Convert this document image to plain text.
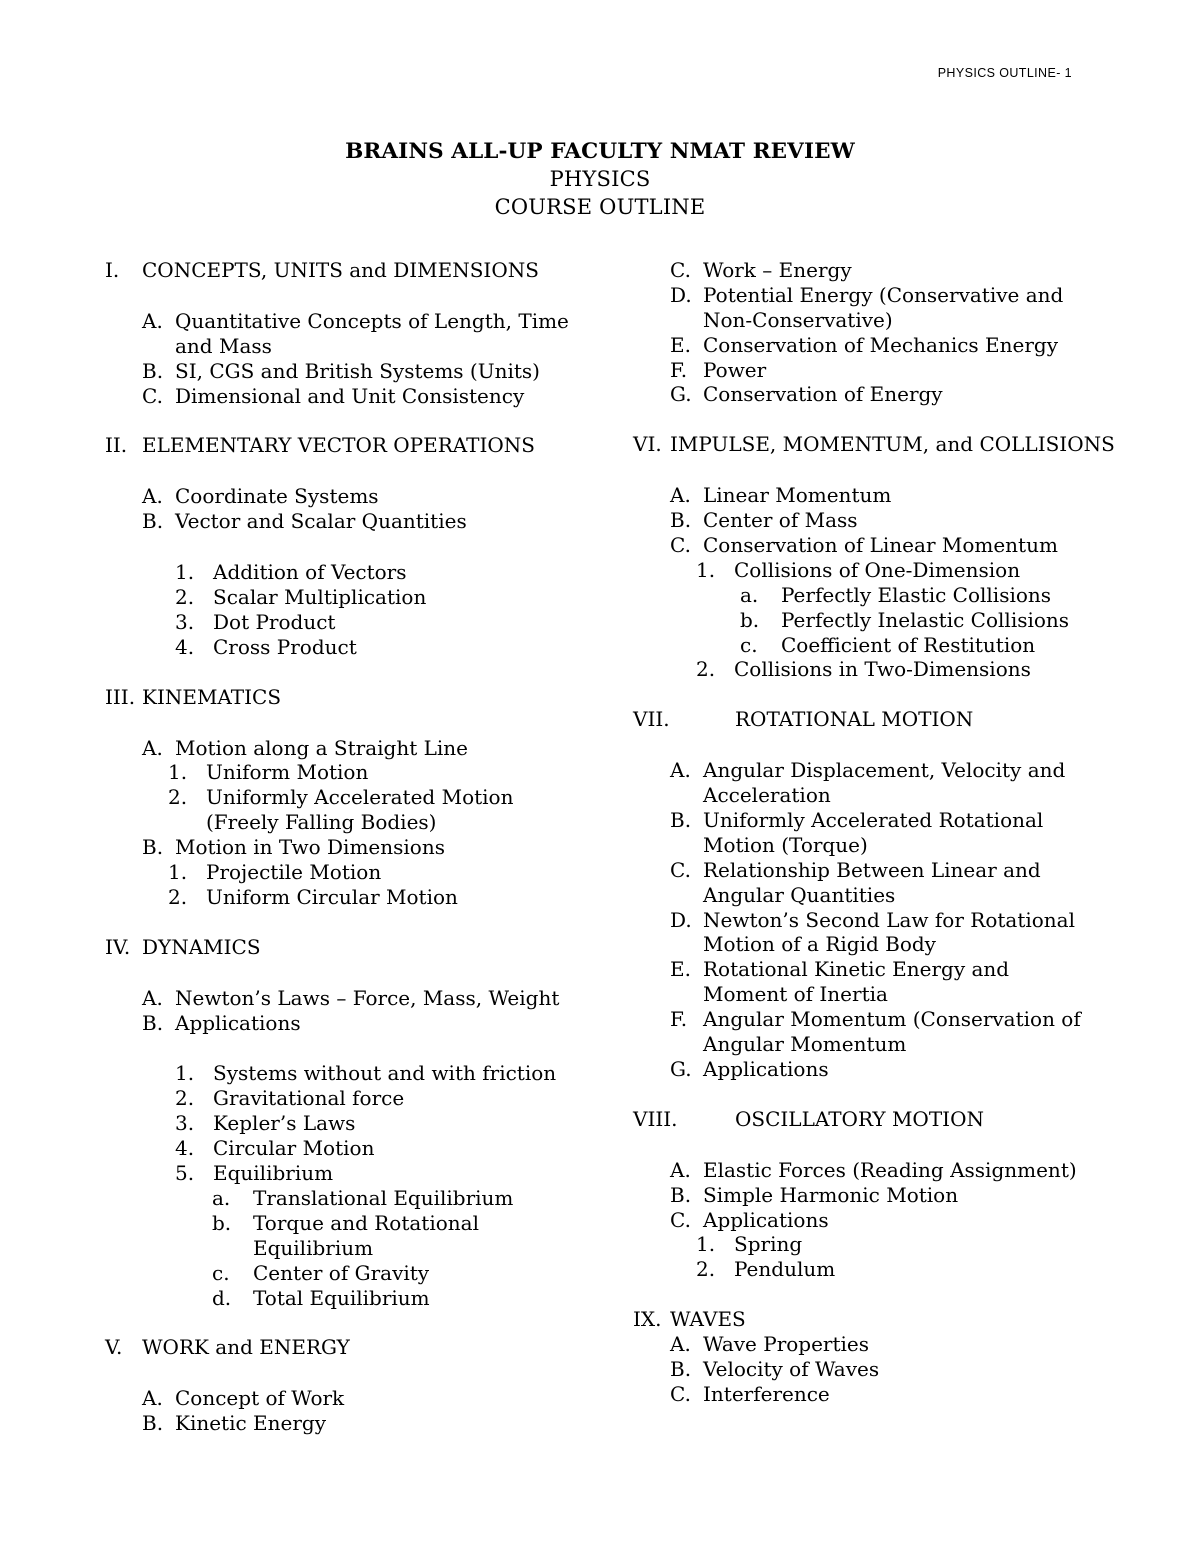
PHYSICS OUTLINE- 1
BRAINS ALL-UP FACULTY NMAT REVIEW
PHYSICS
COURSE OUTLINE
I.	CONCEPTS, UNITS and DIMENSIONS
A. Quantitative Concepts of Length, Time and Mass
B. SI, CGS and British Systems (Units)
C. Dimensional and Unit Consistency
II. ELEMENTARY VECTOR OPERATIONS
A. Coordinate Systems
B. Vector and Scalar Quantities
1. Addition of Vectors
2. Scalar Multiplication
3. Dot Product
4. Cross Product
III. KINEMATICS
A. Motion along a Straight Line
1. Uniform Motion
2. Uniformly Accelerated Motion (Freely Falling Bodies)
B. Motion in Two Dimensions
1. Projectile Motion
2. Uniform Circular Motion
IV. DYNAMICS
A. Newton’s Laws – Force, Mass, Weight
B. Applications
1. Systems without and with friction
2. Gravitational force
3. Kepler’s Laws
4. Circular Motion
5. Equilibrium
a.	Translational Equilibrium
b.	Torque and Rotational Equilibrium
c.	Center of Gravity
d.	Total Equilibrium
V. WORK and ENERGY
A. Concept of Work
B. Kinetic Energy
C. Work – Energy
D. Potential Energy (Conservative and Non-Conservative)
E. Conservation of Mechanics Energy
F. Power
G. Conservation of Energy
VI. IMPULSE, MOMENTUM, and COLLISIONS
A. Linear Momentum
B. Center of Mass
C. Conservation of Linear Momentum
1. Collisions of One-Dimension
a.	Perfectly Elastic Collisions
b.	Perfectly Inelastic Collisions
c.	Coefficient of Restitution
2. Collisions in Two-Dimensions
VII.	ROTATIONAL MOTION
A. Angular Displacement, Velocity and Acceleration
B. Uniformly Accelerated Rotational Motion (Torque)
C. Relationship Between Linear and Angular Quantities
D. Newton’s Second Law for Rotational Motion of a Rigid Body
E. Rotational Kinetic Energy and Moment of Inertia
F. Angular Momentum (Conservation of Angular Momentum
G. Applications
VIII.	OSCILLATORY MOTION
A. Elastic Forces (Reading Assignment)
B. Simple Harmonic Motion
C. Applications
1. Spring
2. Pendulum
IX. WAVES
A. Wave Properties
B. Velocity of Waves
C. Interference
